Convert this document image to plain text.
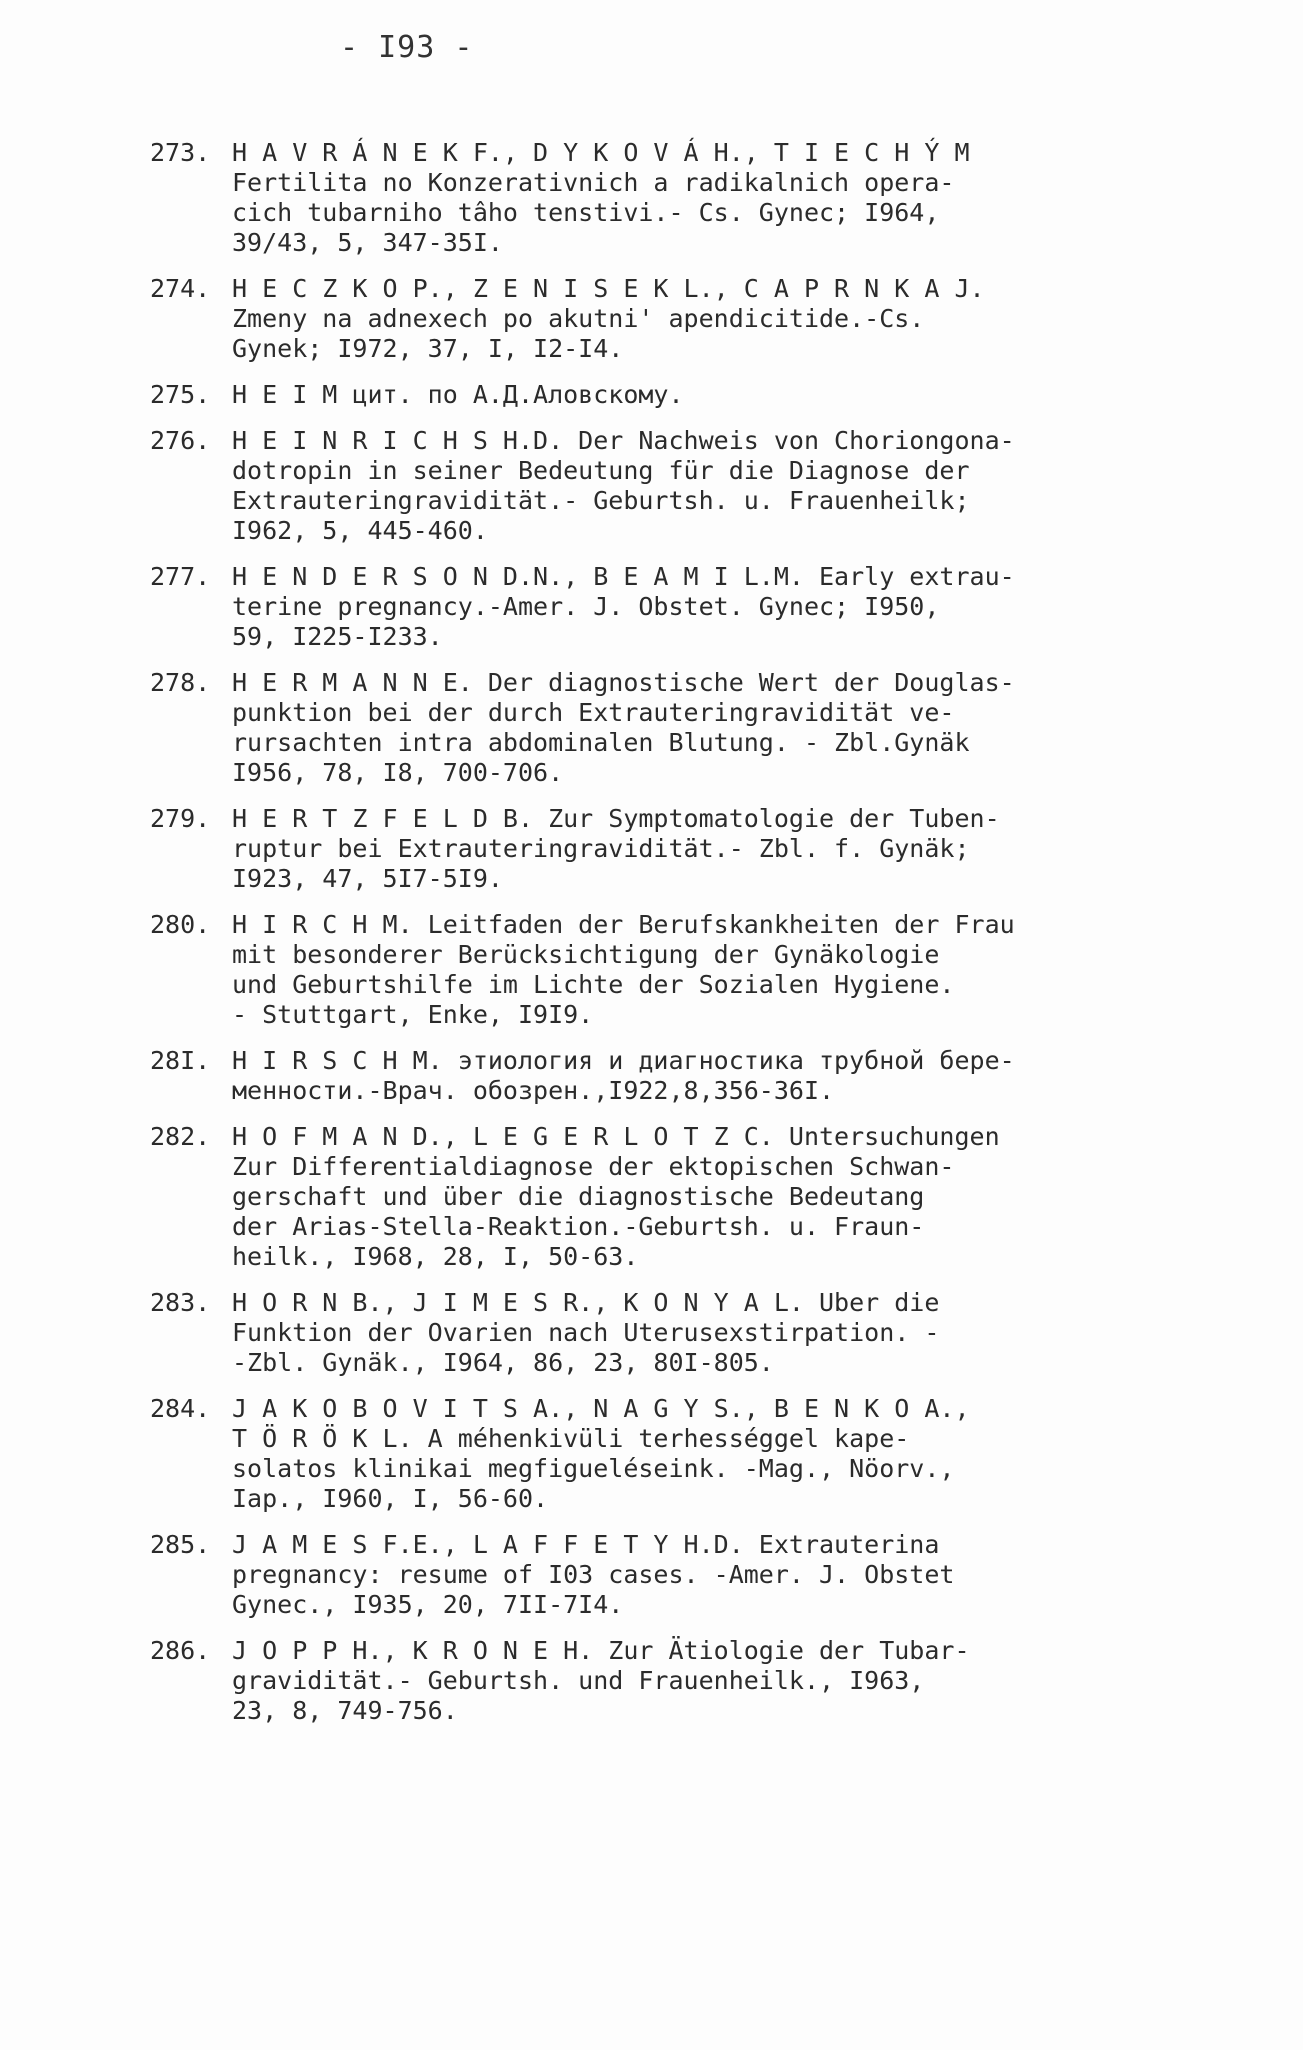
- I93 -
273. H A V R Á N E K F., D Y K O V Á H., T I E C H Ý M
Fertilita no Konzerativnich a radikalnich opera-
cich tubarniho tâho tenstivi.- Cs. Gynec; I964,
39/43, 5, 347-35I.
274. H E C Z K O P., Z E N I S E K L., C A P R N K A J.
Zmeny na adnexech po akutni' apendicitide.-Cs.
Gynek; I972, 37, I, I2-I4.
275. H E I M цит. по А.Д.Аловскому.
276. H E I N R I C H S H.D. Der Nachweis von Choriongona-
dotropin in seiner Bedeutung für die Diagnose der
Extrauteringravidität.- Geburtsh. u. Frauenheilk;
I962, 5, 445-460.
277. H E N D E R S O N D.N., B E A M I L.M. Early extrau-
terine pregnancy.-Amer. J. Obstet. Gynec; I950,
59, I225-I233.
278. H E R M A N N E. Der diagnostische Wert der Douglas-
punktion bei der durch Extrauteringravidität ve-
rursachten intra abdominalen Blutung. - Zbl.Gynäk
I956, 78, I8, 700-706.
279. H E R T Z F E L D B. Zur Symptomatologie der Tuben-
ruptur bei Extrauteringravidität.- Zbl. f. Gynäk;
I923, 47, 5I7-5I9.
280. H I R C H M. Leitfaden der Berufskankheiten der Frau
mit besonderer Berücksichtigung der Gynäkologie
und Geburtshilfe im Lichte der Sozialen Hygiene.
- Stuttgart, Enke, I9I9.
28I. H I R S C H M. этиология и диагностика трубной бере-
менности.-Врач. обозрен.,I922,8,356-36I.
282. H O F M A N D., L E G E R L O T Z C. Untersuchungen
Zur Differentialdiagnose der ektopischen Schwan-
gerschaft und über die diagnostische Bedeutang
der Arias-Stella-Reaktion.-Geburtsh. u. Fraun-
heilk., I968, 28, I, 50-63.
283. H O R N B., J I M E S R., K O N Y A L. Uber die
Funktion der Ovarien nach Uterusexstirpation. -
-Zbl. Gynäk., I964, 86, 23, 80I-805.
284. J A K O B O V I T S A., N A G Y S., B E N K O A.,
T Ö R Ö K L. A méhenkivüli terhességgel kape-
solatos klinikai megfiguelésеink. -Mag., Nöorv.,
Iap., I960, I, 56-60.
285. J A M E S F.E., L A F F E T Y H.D. Extrauterina
pregnancy: resume of I03 cases. -Amer. J. Obstet
Gynec., I935, 20, 7II-7I4.
286. J O P P H., K R O N E H. Zur Ätiologie der Tubar-
gravidität.- Geburtsh. und Frauenheilk., I963,
23, 8, 749-756.
